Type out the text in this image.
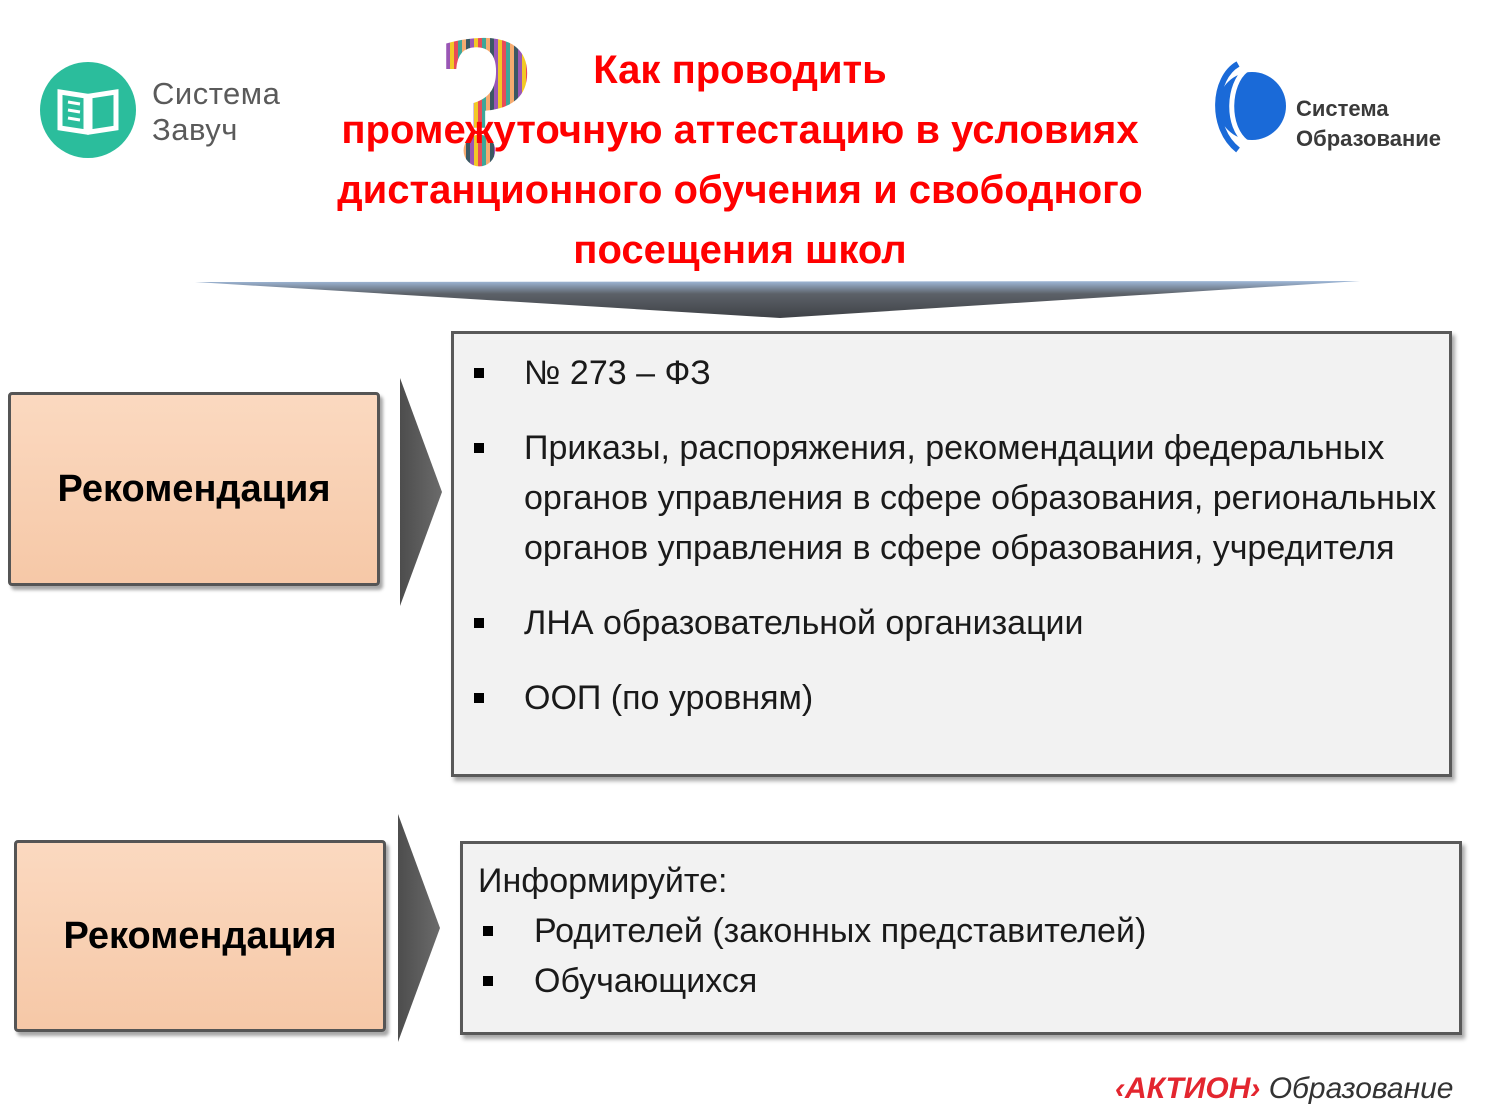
Система
Завуч ?	Как проводить
промежуточную аттестацию в условиях
дистанционного обучения и свободного
посещения школ
Система
Образование
Рекомендация
№ 273 – ФЗ
Приказы, распоряжения, рекомендации федеральных органов управления в сфере образования, региональных органов управления в сфере образования, учредителя
ЛНА образовательной организации
ООП (по уровням)
Рекомендация
Информируйте:
Родителей (законных представителей)
Обучающихся
‹АКТИОН› Образование
